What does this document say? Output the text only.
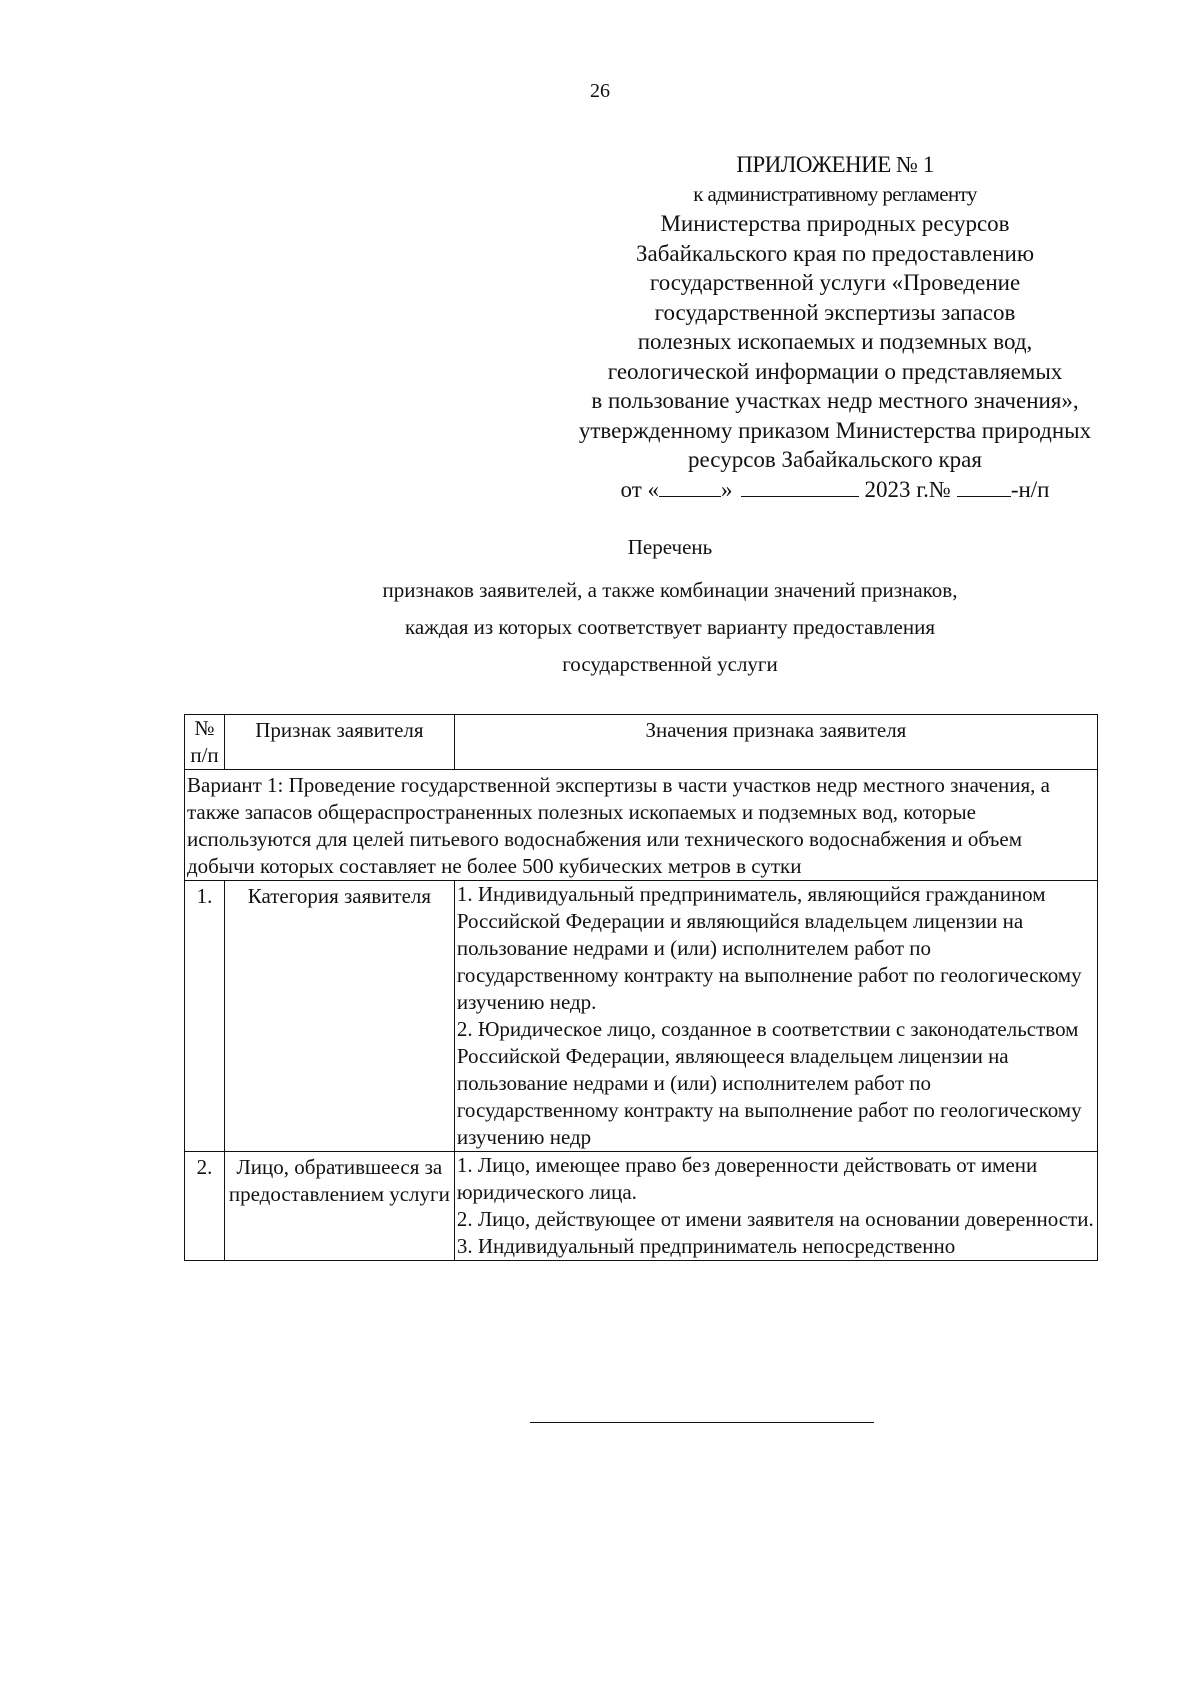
26
ПРИЛОЖЕНИЕ № 1
к административному регламенту
Министерства природных ресурсов
Забайкальского края по предоставлению
государственной услуги «Проведение
государственной экспертизы запасов
полезных ископаемых и подземных вод,
геологической информации о представляемых
в пользование участках недр местного значения»,
утвержденному приказом Министерства природных
ресурсов Забайкальского края
от «	»	2023 г.№	-н/п
Перечень
признаков заявителей, а также комбинации значений признаков,
каждая из которых соответствует варианту предоставления
государственной услуги
№ п/п	Признак заявителя	Значения признака заявителя
Вариант 1: Проведение государственной экспертизы в части участков недр местного значения, а также запасов общераспространенных полезных ископаемых и подземных вод, которые используются для целей питьевого водоснабжения или технического водоснабжения и объем добычи которых составляет не более 500 кубических метров в сутки		
1.	Категория заявителя	1. Индивидуальный предприниматель, являющийся гражданином Российской Федерации и являющийся владельцем лицензии на пользование недрами и (или) исполнителем работ по государственному контракту на выполнение работ по геологическому изучению недр.
2. Юридическое лицо, созданное в соответствии с законодательством Российской Федерации, являющееся владельцем лицензии на пользование недрами и (или) исполнителем работ по государственному контракту на выполнение работ по геологическому изучению недр

2.	Лицо, обратившееся за предоставлением услуги	1. Лицо, имеющее право без доверенности действовать от имени юридического лица.
2. Лицо, действующее от имени заявителя на основании доверенности.
3. Индивидуальный предприниматель непосредственно
